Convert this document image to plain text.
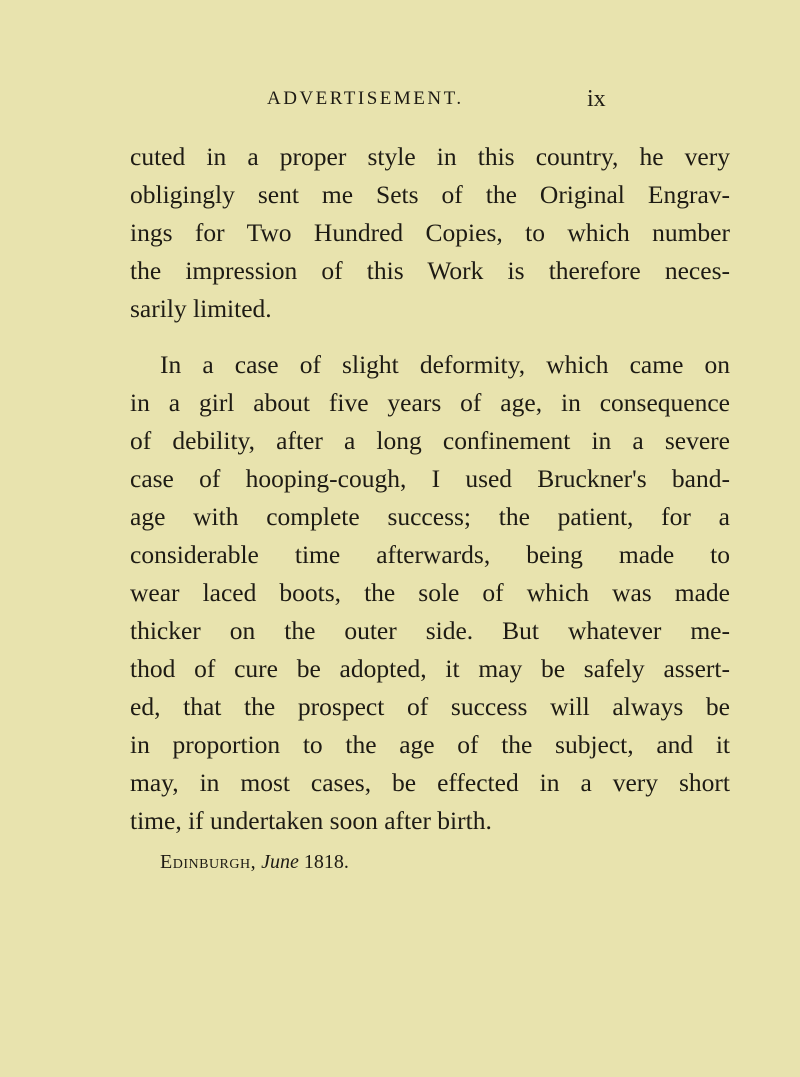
ADVERTISEMENT.	ix
cuted in a proper style in this country, he very
obligingly sent me Sets of the Original Engrav-
ings for Two Hundred Copies, to which number
the impression of this Work is therefore neces-
sarily limited.
In a case of slight deformity, which came on
in a girl about five years of age, in consequence
of debility, after a long confinement in a severe
case of hooping-cough, I used Bruckner's band-
age with complete success; the patient, for a
considerable time afterwards, being made to
wear laced boots, the sole of which was made
thicker on the outer side. But whatever me-
thod of cure be adopted, it may be safely assert-
ed, that the prospect of success will always be
in proportion to the age of the subject, and it
may, in most cases, be effected in a very short
time, if undertaken soon after birth.
Edinburgh, June 1818.
